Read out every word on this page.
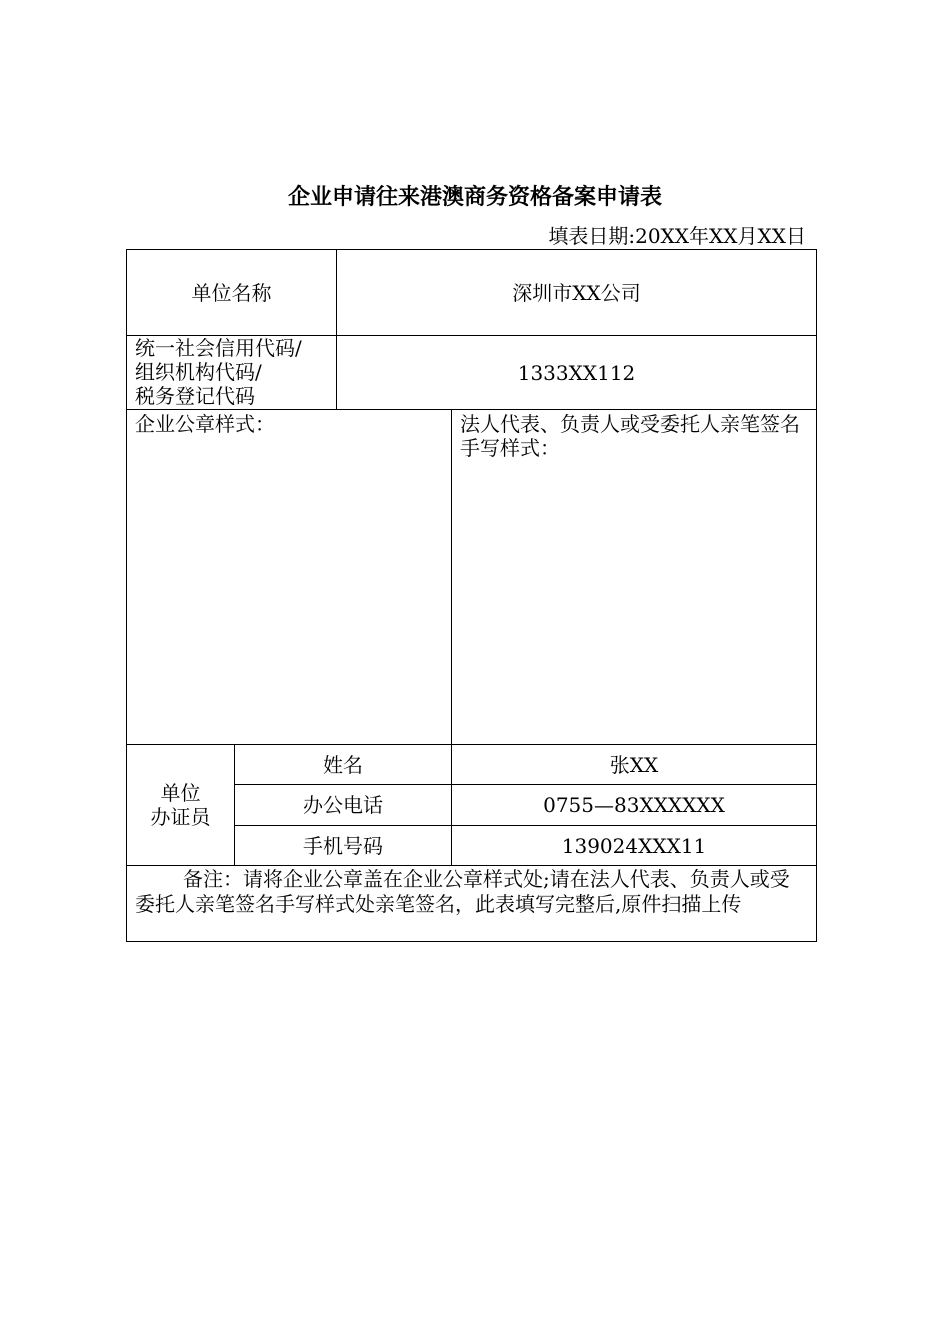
企业申请往来港澳商务资格备案申请表
填表日期:20XX年XX月XX日
单位名称		深圳市XX公司	

统一社会信用代码/
组织机构代码/
税务登记代码		1333XX112	
企业公章样式：			法人代表、负责人或受委托人亲笔签名手写样式：

单位
办证员	姓名		张XX
	办公电话		0755—83XXXXXX
	手机号码		139024XXX11
备注：请将企业公章盖在企业公章样式处;请在法人代表、负责人或受委托人亲笔签名手写样式处亲笔签名，此表填写完整后,原件扫描上传			
